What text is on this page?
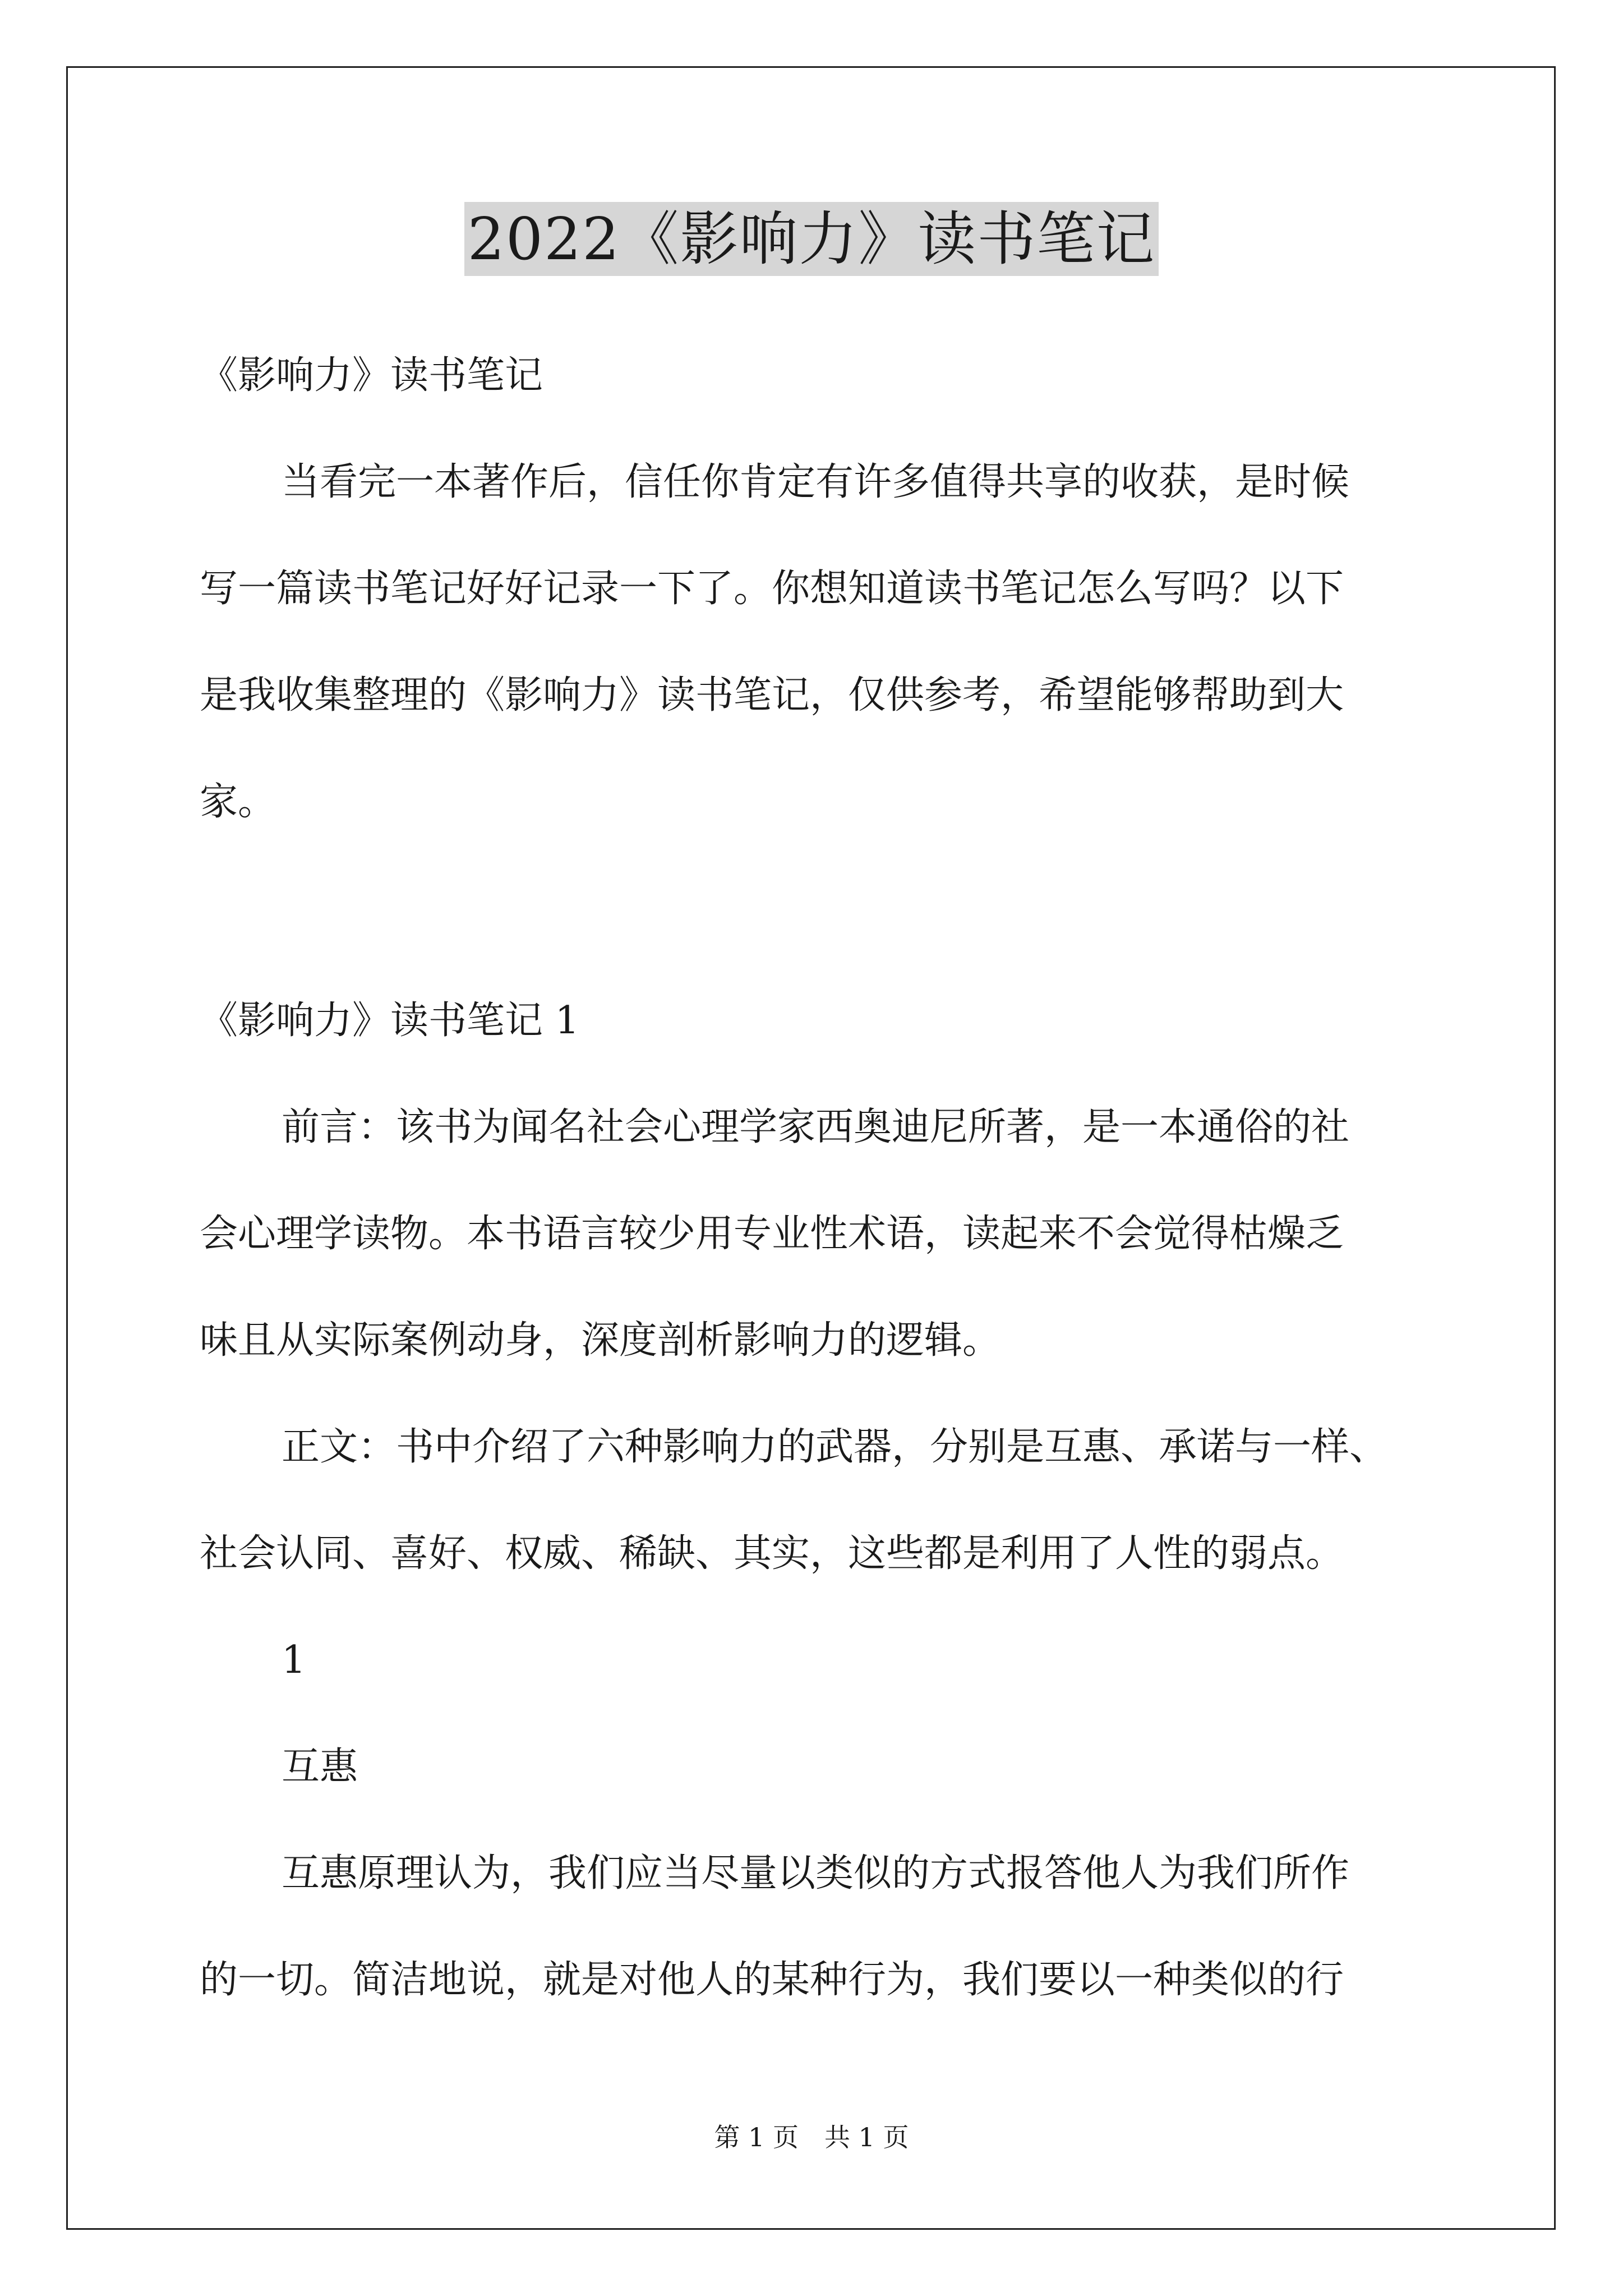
2022《影响力》读书笔记
《影响力》读书笔记
当看完一本著作后，信任你肯定有许多值得共享的收获，是时候
写一篇读书笔记好好记录一下了。你想知道读书笔记怎么写吗？以下
是我收集整理的《影响力》读书笔记，仅供参考，希望能够帮助到大
家。
《影响力》读书笔记 1
前言：该书为闻名社会心理学家西奥迪尼所著，是一本通俗的社
会心理学读物。本书语言较少用专业性术语，读起来不会觉得枯燥乏
味且从实际案例动身，深度剖析影响力的逻辑。
正文：书中介绍了六种影响力的武器，分别是互惠、承诺与一样、
社会认同、喜好、权威、稀缺、其实，这些都是利用了人性的弱点。
1
互惠
互惠原理认为，我们应当尽量以类似的方式报答他人为我们所作
的一切。简洁地说，就是对他人的某种行为，我们要以一种类似的行
第 1 页　共 1 页
